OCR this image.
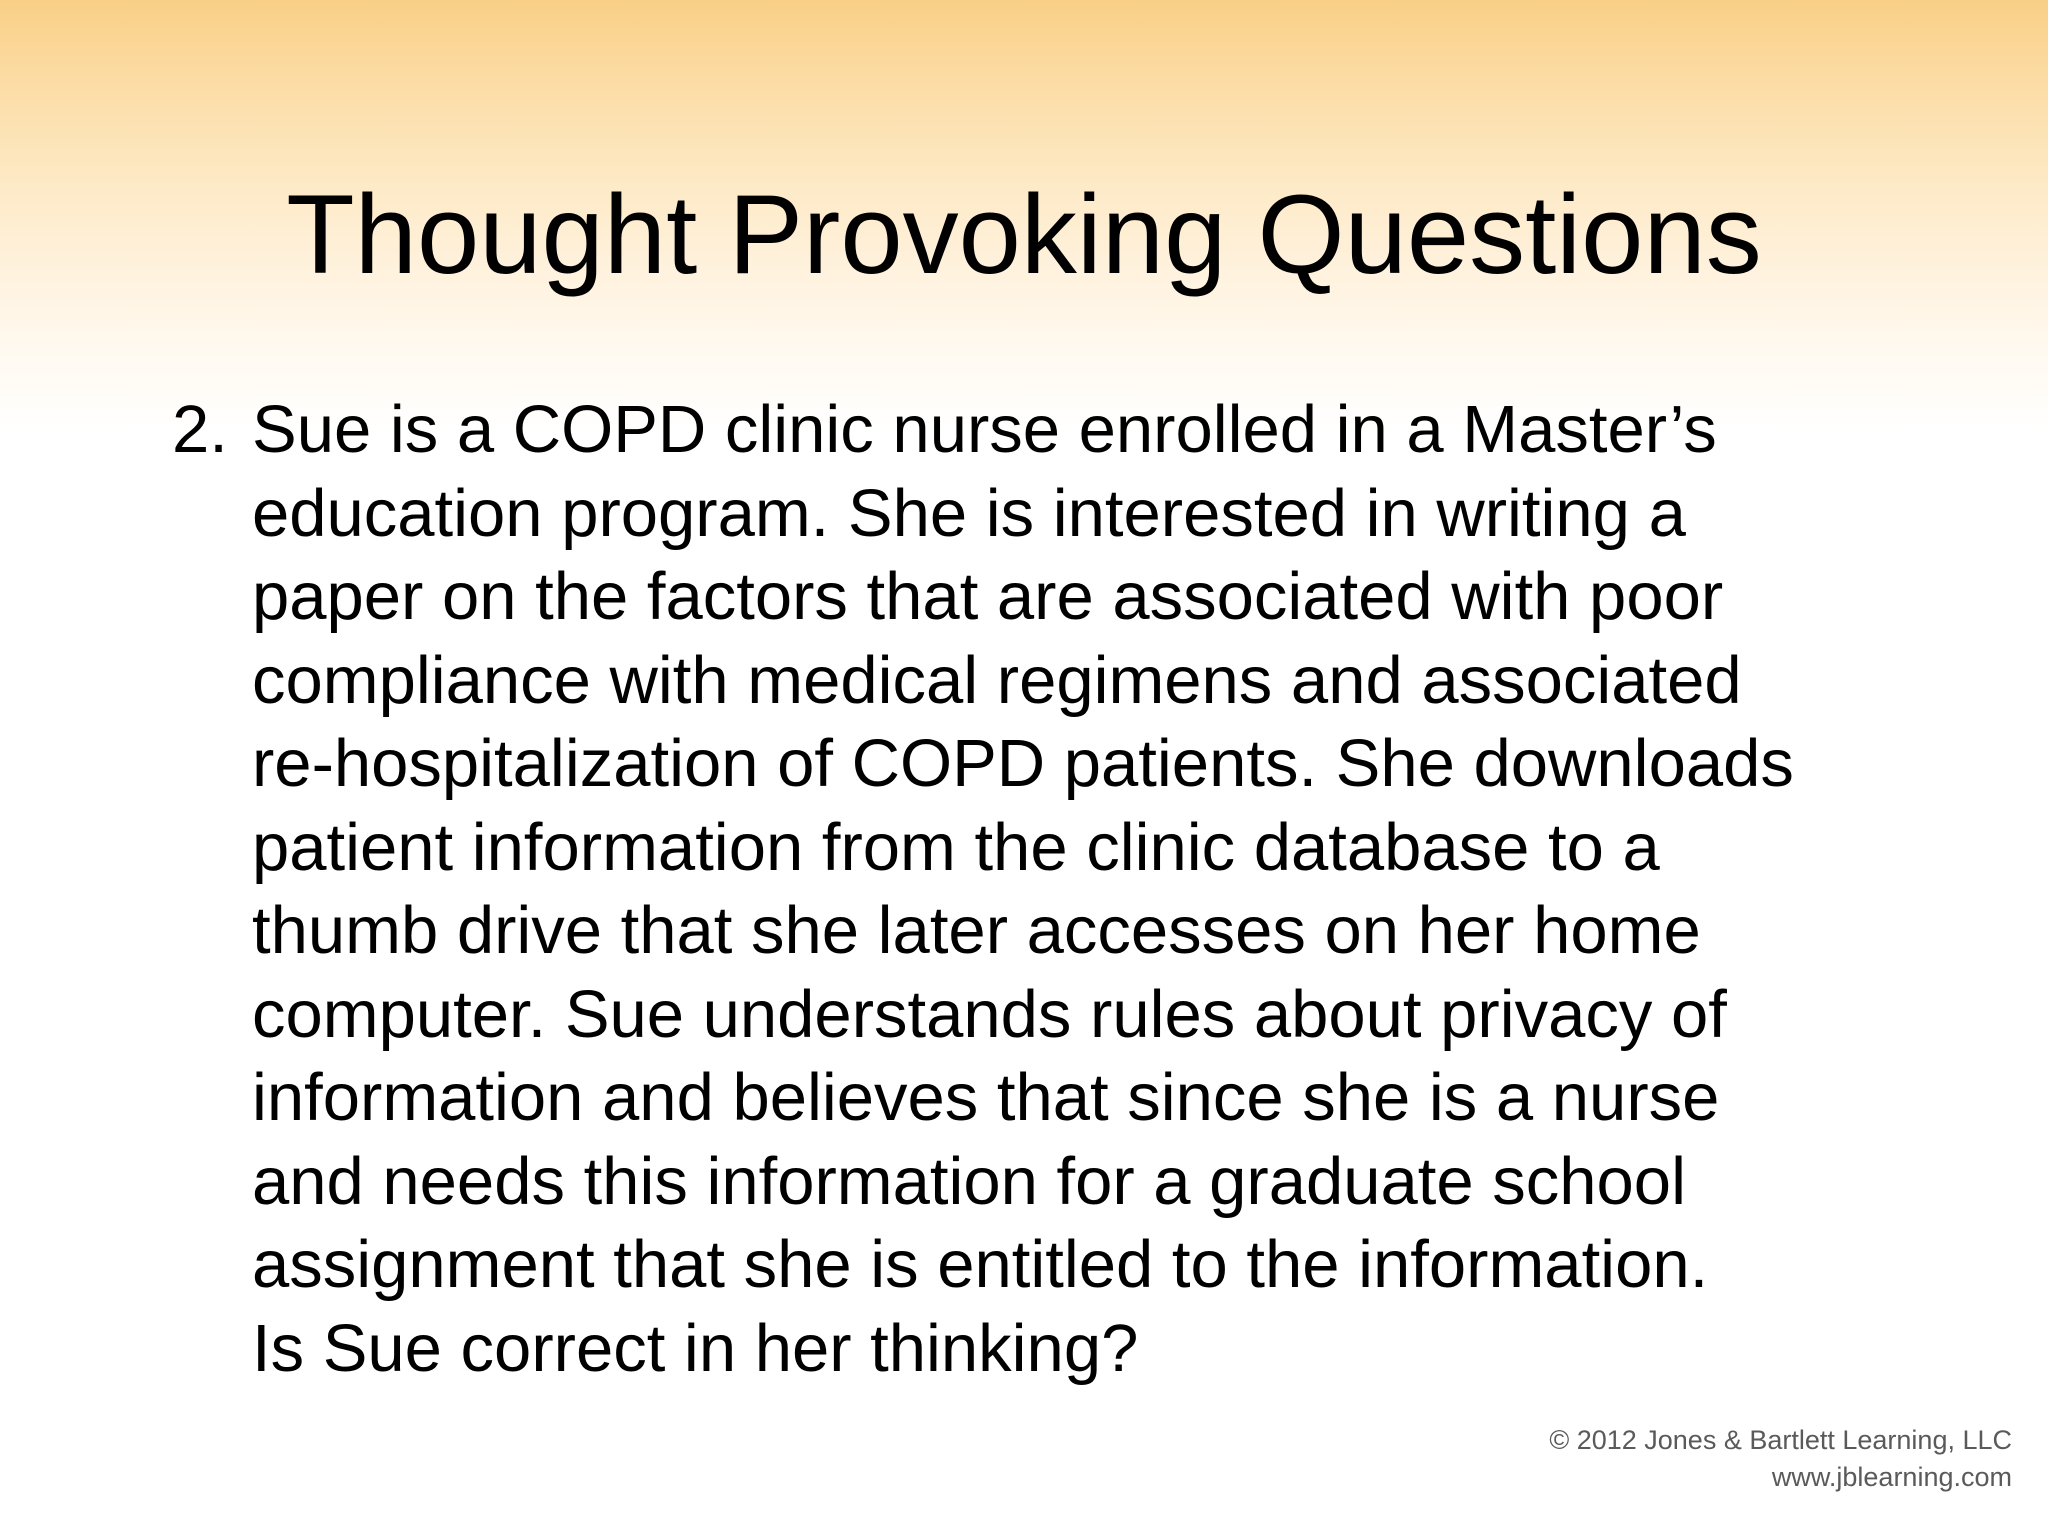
Thought Provoking Questions
2. Sue is a COPD clinic nurse enrolled in a Master’s
education program. She is interested in writing a
paper on the factors that are associated with poor
compliance with medical regimens and associated
re-hospitalization of COPD patients. She downloads
patient information from the clinic database to a
thumb drive that she later accesses on her home
computer. Sue understands rules about privacy of
information and believes that since she is a nurse
and needs this information for a graduate school
assignment that she is entitled to the information.
Is Sue correct in her thinking?
© 2012 Jones & Bartlett Learning, LLC
www.jblearning.com
